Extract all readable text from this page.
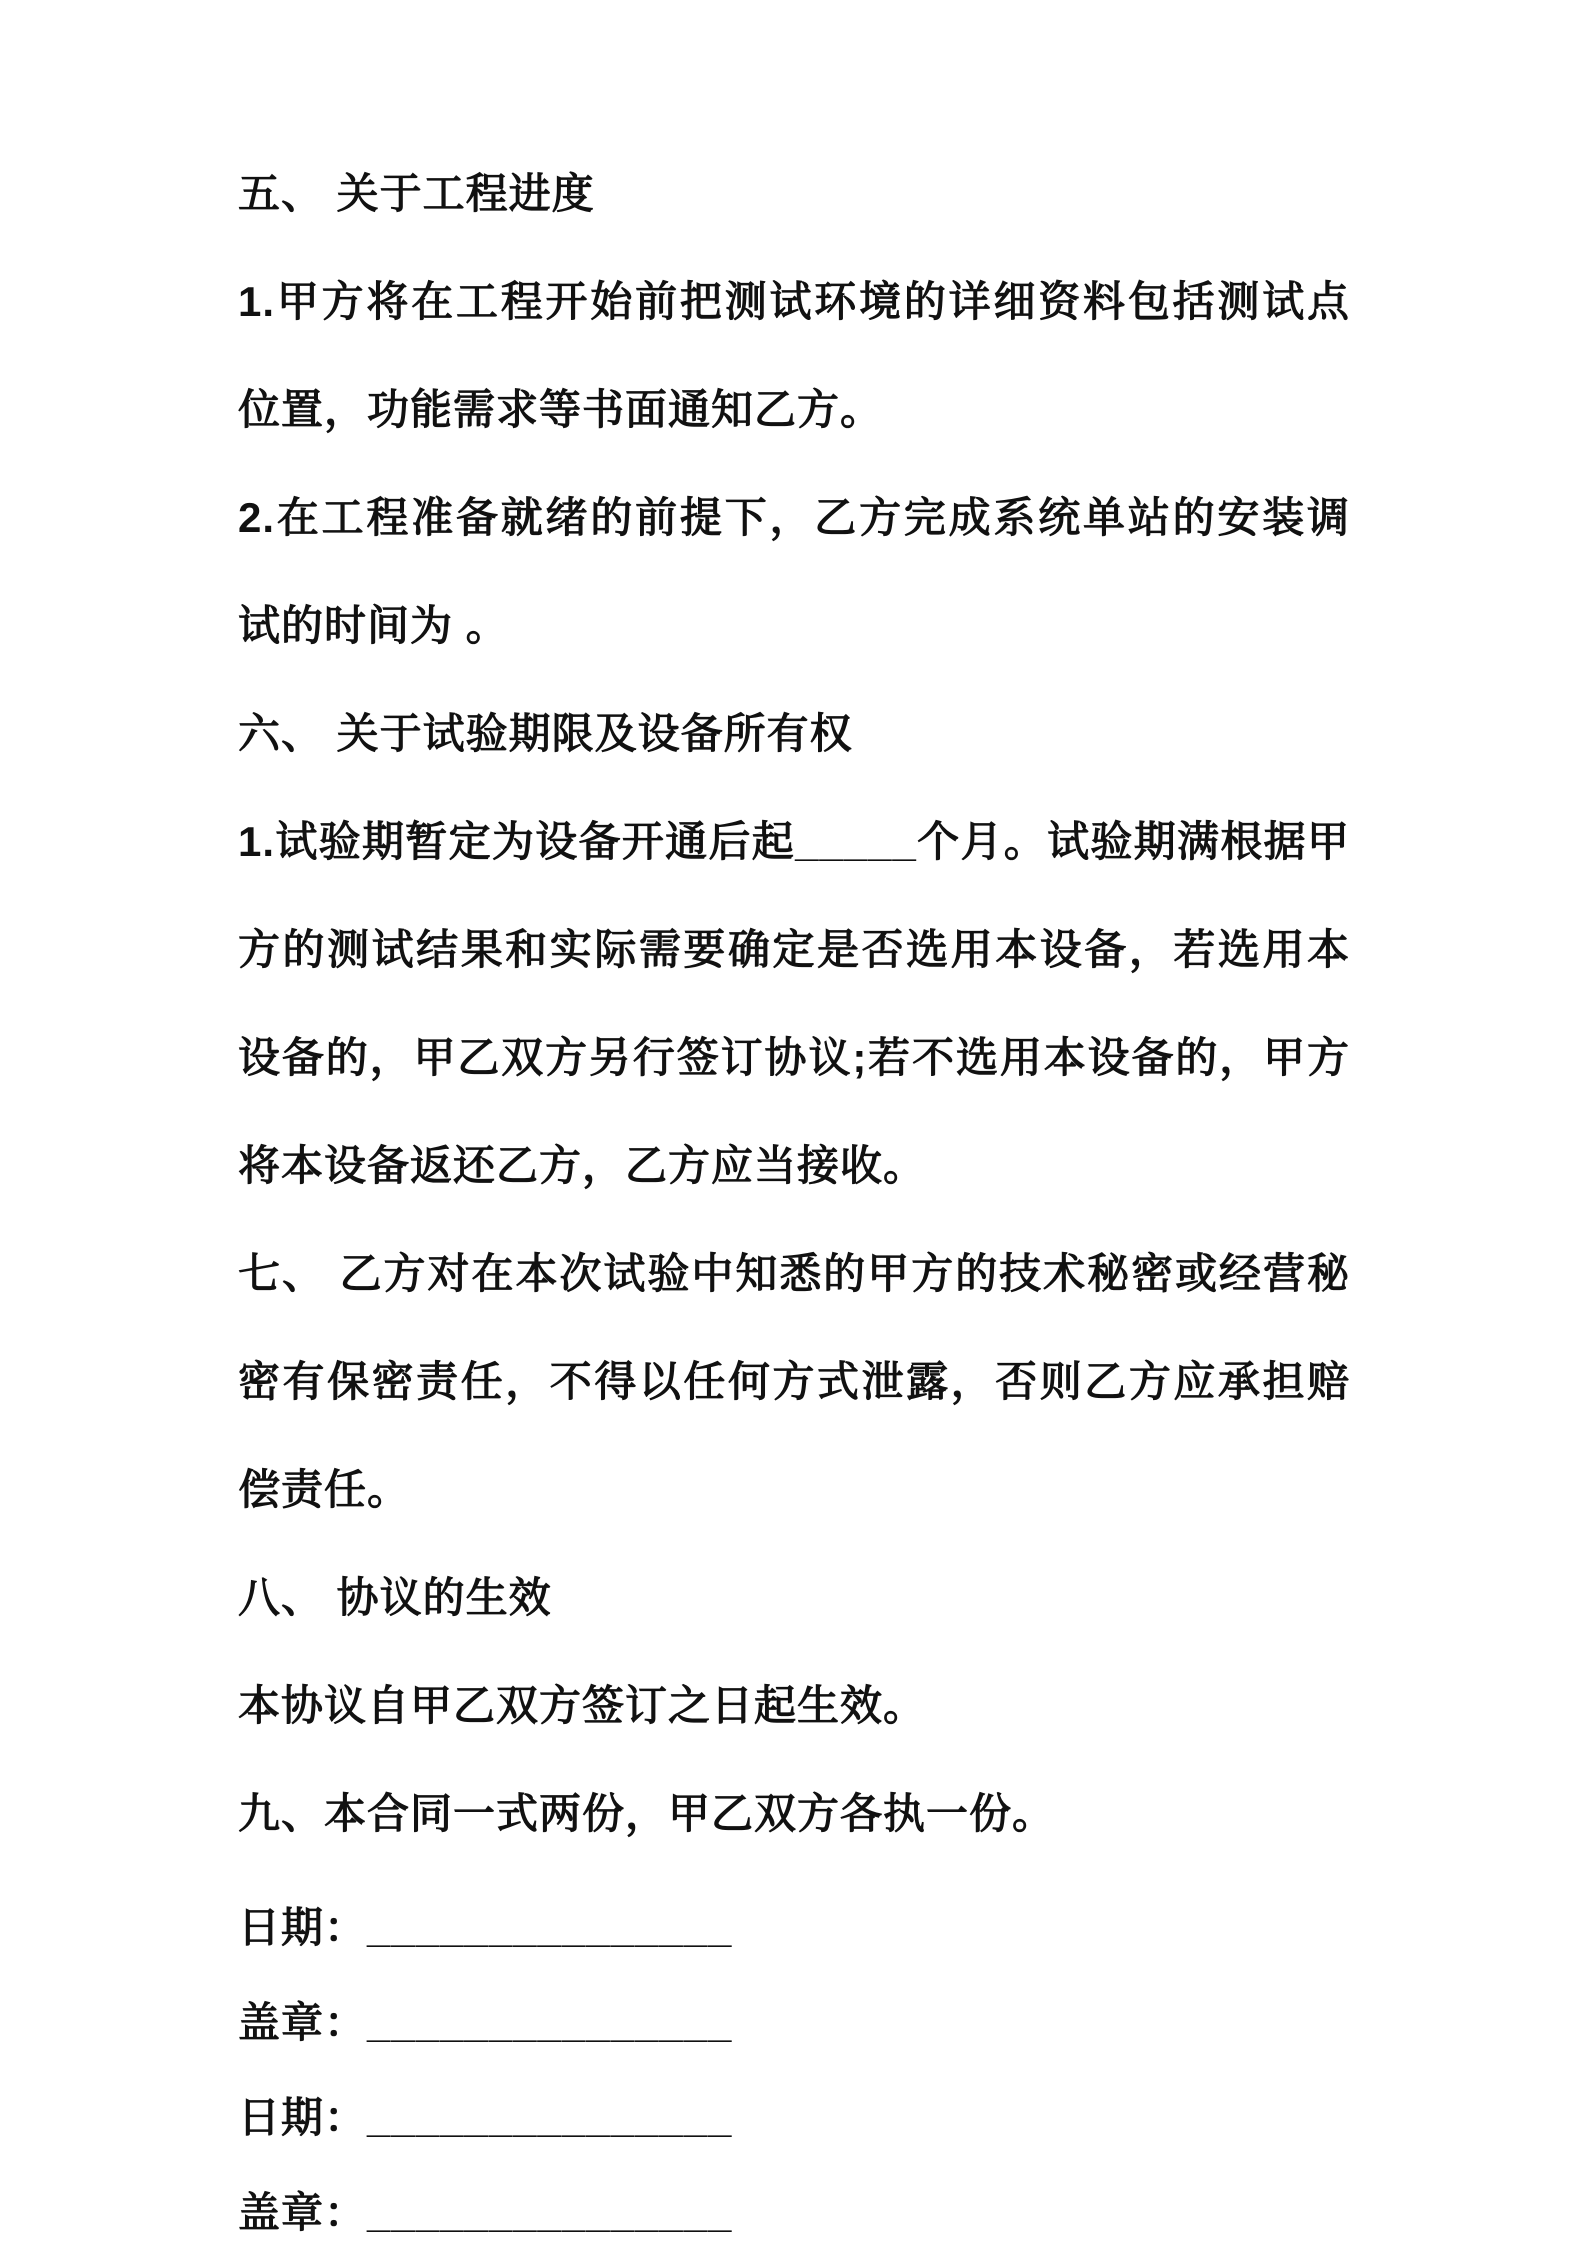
五、 关于工程进度

1.甲方将在工程开始前把测试环境的详细资料包括测试点位置，功能需求等书面通知乙方。

2.在工程准备就绪的前提下，乙方完成系统单站的安装调试的时间为 。

六、 关于试验期限及设备所有权

1.试验期暂定为设备开通后起_____个月。试验期满根据甲方的测试结果和实际需要确定是否选用本设备，若选用本设备的，甲乙双方另行签订协议;若不选用本设备的，甲方将本设备返还乙方，乙方应当接收。

七、 乙方对在本次试验中知悉的甲方的技术秘密或经营秘密有保密责任，不得以任何方式泄露，否则乙方应承担赔偿责任。

八、 协议的生效

本协议自甲乙双方签订之日起生效。

九、本合同一式两份，甲乙双方各执一份。

日期：_______________

盖章：_______________

日期：_______________

盖章：_______________
